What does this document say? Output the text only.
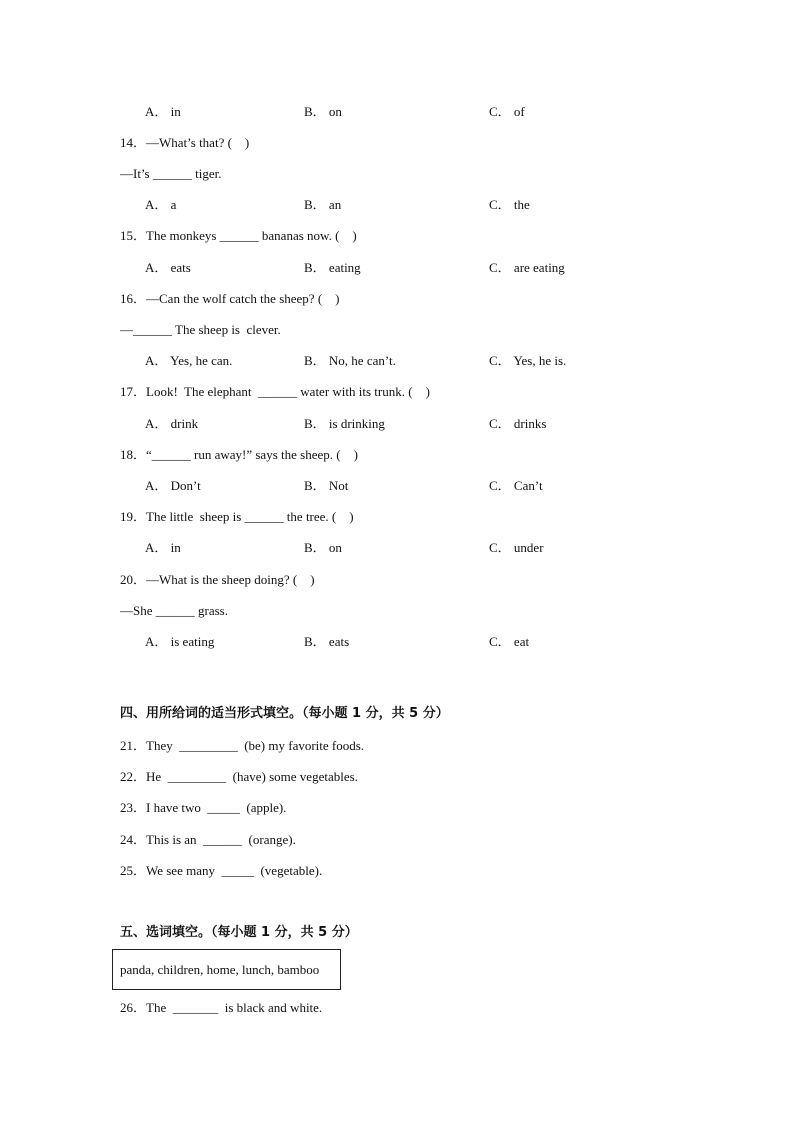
A． in	B． on	C． of
14．—What’s that? (    )
—It’s ______ tiger.
A． a	B． an	C． the
15．The monkeys ______ bananas now. (    )
A． eats	B． eating	C． are eating
16．—Can the wolf catch the sheep? (    )
—______ The sheep is  clever.
A． Yes, he can.	B． No, he can’t.	C． Yes, he is.
17．Look!  The elephant  ______ water with its trunk. (    )
A． drink	B． is drinking	C． drinks
18．“______ run away!” says the sheep. (    )
A． Don’t	B． Not	C． Can’t
19．The little  sheep is ______ the tree. (    )
A． in	B． on	C． under
20．—What is the sheep doing? (    )
—She ______ grass.
A． is eating	B． eats	C． eat
四、用所给词的适当形式填空。（每小题 1 分，共 5 分）
21．They  _________  (be) my favorite foods.
22．He  _________  (have) some vegetables.
23．I have two  _____  (apple).
24．This is an  ______  (orange).
25．We see many  _____  (vegetable).
五、选词填空。（每小题 1 分，共 5 分）
panda, children, home, lunch, bamboo
26．The  _______  is black and white.
